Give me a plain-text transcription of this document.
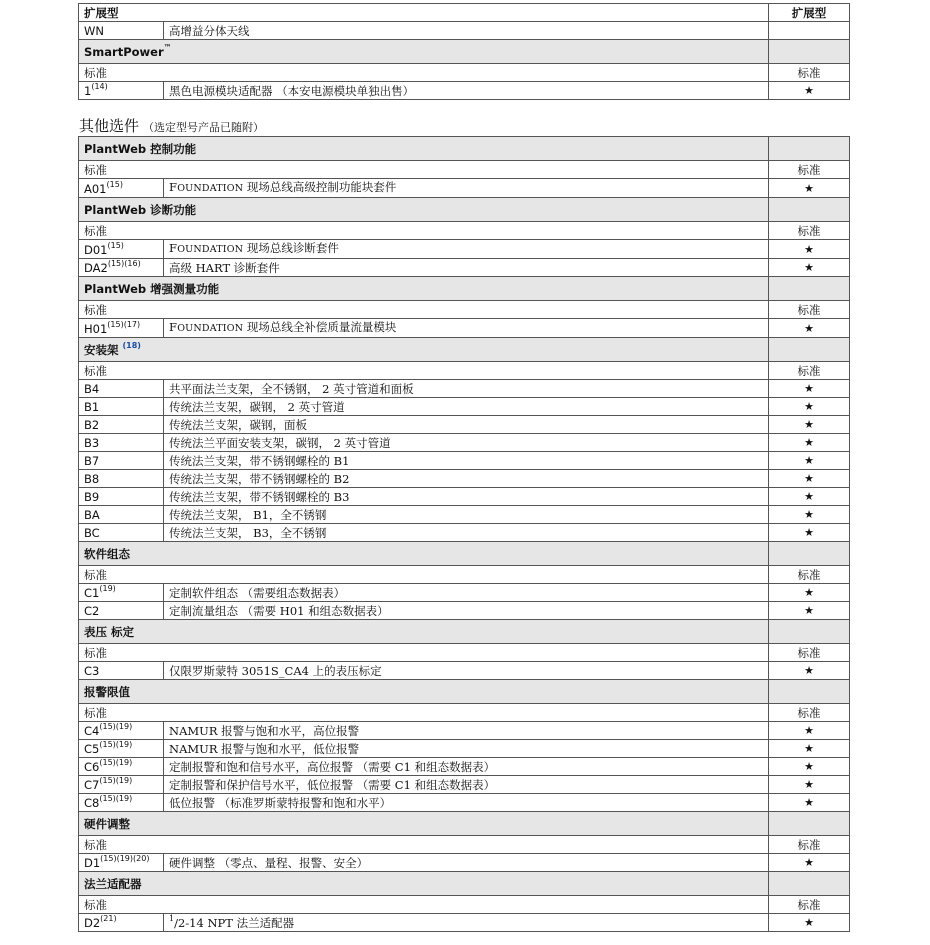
扩展型		扩展型
WN	高增益分体天线	
SmartPower™	
标准		标准
1$^{(14)}$	黑色电源模块适配器 （本安电源模块单独出售）	★
其他选件 （选定型号产品已随附）
PlantWeb 控制功能		
标准		标准
A01$^{(15)}$	FOUNDATION 现场总线高级控制功能块套件	★
PlantWeb 诊断功能		
标准		标准
D01$^{(15)}$	FOUNDATION 现场总线诊断套件	★
$DA2^{(15)(16)}$	高级 HART 诊断套件	★
PlantWeb 增强测量功能		
标准		标准
$H01^{(15)(17)}$	FOUNDATION 现场总线全补偿质量流量模块	★
安装架 $^{(18)}$	
标准		标准
B4	共平面法兰支架，全不锈钢， 2 英寸管道和面板	★
B1	传统法兰支架，碳钢， 2 英寸管道	★
B2	传统法兰支架，碳钢，面板	★
B3	传统法兰平面安装支架，碳钢， 2 英寸管道	★
B7	传统法兰支架，带不锈钢螺栓的 B1	★
B8	传统法兰支架，带不锈钢螺栓的 B2	★
B9	传统法兰支架，带不锈钢螺栓的 B3	★
BA	传统法兰支架， B1，全不锈钢	★
BC	传统法兰支架， B3，全不锈钢	★
软件组态		
标准		标准
C1$^{(19)}$	定制软件组态 （需要组态数据表）	★
C2	定制流量组态 （需要 H01 和组态数据表）	★
表压 标定		
标准		标准
C3	仅限罗斯蒙特 3051S_CA4 上的表压标定	★
报警限值		
标准		标准
$C4^{(15)(19)}$	NAMUR 报警与饱和水平，高位报警	★
$C5^{(15)(19)}$	NAMUR 报警与饱和水平，低位报警	★
$C6^{(15)(19)}$	定制报警和饱和信号水平，高位报警 （需要 C1 和组态数据表）	★
$C7^{(15)(19)}$	定制报警和保护信号水平，低位报警 （需要 C1 和组态数据表）	★
$C8^{(15)(19)}$	低位报警 （标准罗斯蒙特报警和饱和水平）	★
硬件调整		
标准		标准
$D1^{(15)(19)(20)}$	硬件调整 （零点、量程、报警、安全）	★
法兰适配器		
标准		标准
D2$^{(21)}$	$^1$/2-14 NPT 法兰适配器	★
